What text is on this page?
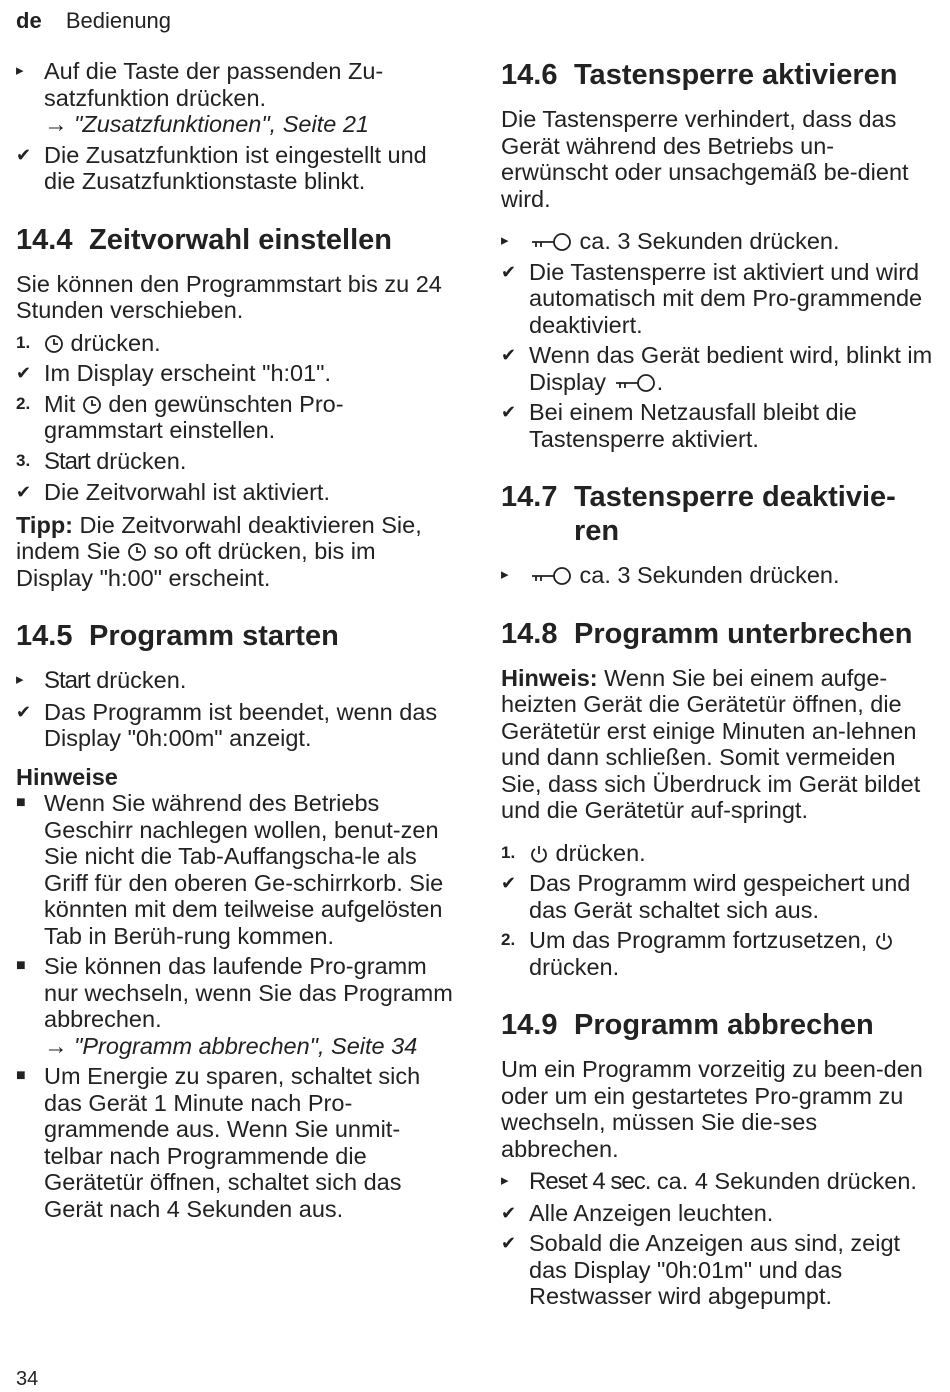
de Bedienung
▸ Auf die Taste der passenden Zu-satzfunktion drücken.
→ "Zusatzfunktionen", Seite 21
✔ Die Zusatzfunktion ist eingestellt und die Zusatzfunktionstaste blinkt.
14.4 Zeitvorwahl einstellen
Sie können den Programmstart bis zu 24 Stunden verschieben.
1.	drücken.
✔ Im Display erscheint "h:01".
2. Mit  den gewünschten Pro-grammstart einstellen.
3. Start drücken.
✔ Die Zeitvorwahl ist aktiviert.
Tipp: Die Zeitvorwahl deaktivieren Sie, indem Sie  so oft drücken, bis im Display "h:00" erscheint.
14.5 Programm starten
▸ Start drücken.
✔ Das Programm ist beendet, wenn das Display "0h:00m" anzeigt.
Hinweise
■ Wenn Sie während des Betriebs Geschirr nachlegen wollen, benut-zen Sie nicht die Tab-Auffangscha-le als Griff für den oberen Ge-schirrkorb. Sie könnten mit dem teilweise aufgelösten Tab in Berüh-rung kommen.
■ Sie können das laufende Pro-gramm nur wechseln, wenn Sie das Programm abbrechen.
→ "Programm abbrechen", Seite 34
■ Um Energie zu sparen, schaltet sich das Gerät 1 Minute nach Pro-grammende aus. Wenn Sie unmit-telbar nach Programmende die Gerätetür öffnen, schaltet sich das Gerät nach 4 Sekunden aus.
14.6 Tastensperre aktivieren
Die Tastensperre verhindert, dass das Gerät während des Betriebs un-erwünscht oder unsachgemäß be-dient wird.
▸	ca. 3 Sekunden drücken.
✔ Die Tastensperre ist aktiviert und wird automatisch mit dem Pro-grammende deaktiviert.
✔ Wenn das Gerät bedient wird, blinkt im Display .
✔ Bei einem Netzausfall bleibt die Tastensperre aktiviert.
14.7 Tastensperre deaktivie-ren
▸	ca. 3 Sekunden drücken.
14.8 Programm unterbrechen
Hinweis: Wenn Sie bei einem aufge-heizten Gerät die Gerätetür öffnen, die Gerätetür erst einige Minuten an-lehnen und dann schließen. Somit vermeiden Sie, dass sich Überdruck im Gerät bildet und die Gerätetür auf-springt.
1.	drücken.
✔ Das Programm wird gespeichert und das Gerät schaltet sich aus.
2. Um das Programm fortzusetzen,  drücken.
14.9 Programm abbrechen
Um ein Programm vorzeitig zu been-den oder um ein gestartetes Pro-gramm zu wechseln, müssen Sie die-ses abbrechen.
▸ Reset 4 sec. ca. 4 Sekunden drücken.
✔ Alle Anzeigen leuchten.
✔ Sobald die Anzeigen aus sind, zeigt das Display "0h:01m" und das Restwasser wird abgepumpt.
34
